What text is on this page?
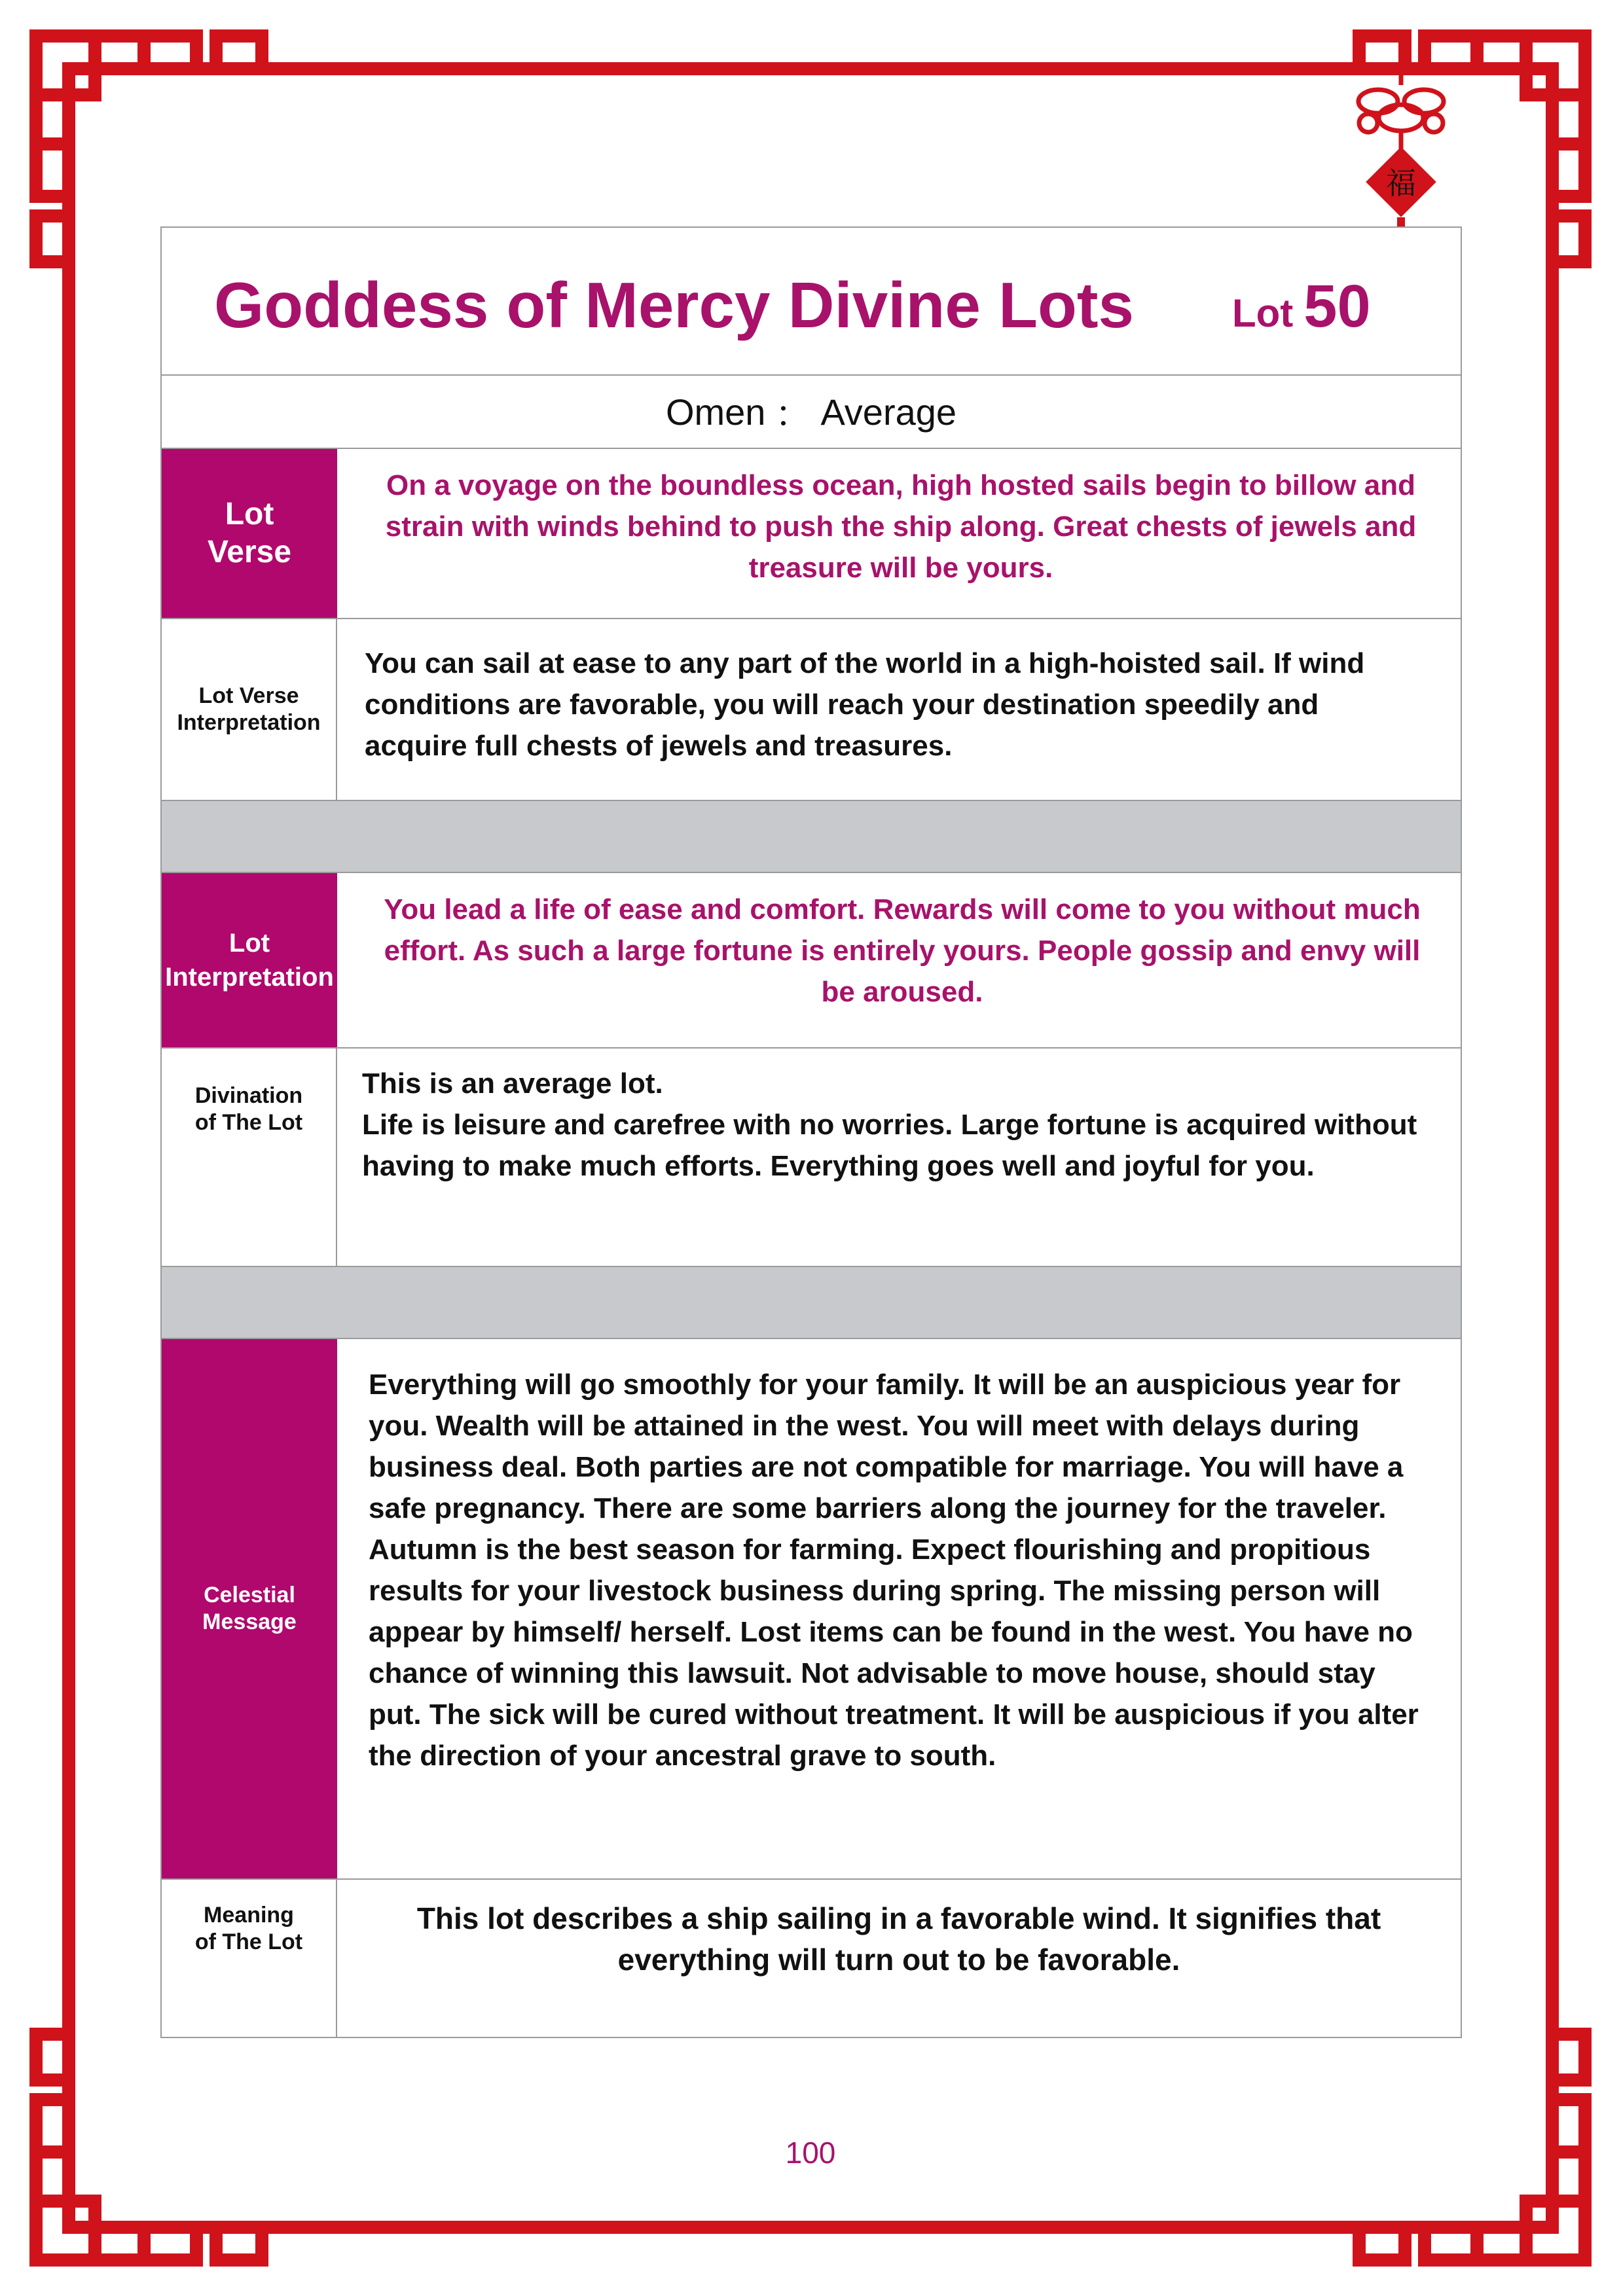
福
Goddess of Mercy Divine Lots	Lot 50
Omen ： Average
Lot Verse
On a voyage on the boundless ocean, high hosted sails begin to billow and strain with winds behind to push the ship along. Great chests of jewels and treasure will be yours.
Lot Verse Interpretation
You can sail at ease to any part of the world in a high-hoisted sail. If wind conditions are favorable, you will reach your destination speedily and acquire full chests of jewels and treasures.
Lot Interpretation
You lead a life of ease and comfort. Rewards will come to you without much effort. As such a large fortune is entirely yours. People gossip and envy will be aroused.
Divination of The Lot
This is an average lot.
Life is leisure and carefree with no worries. Large fortune is acquired without having to make much efforts. Everything goes well and joyful for you.
Celestial Message
Everything will go smoothly for your family. It will be an auspicious year for you. Wealth will be attained in the west. You will meet with delays during business deal. Both parties are not compatible for marriage. You will have a safe pregnancy. There are some barriers along the journey for the traveler. Autumn is the best season for farming. Expect flourishing and propitious results for your livestock business during spring. The missing person will appear by himself/ herself. Lost items can be found in the west. You have no chance of winning this lawsuit. Not advisable to move house, should stay put. The sick will be cured without treatment. It will be auspicious if you alter the direction of your ancestral grave to south.
Meaning of The Lot
This lot describes a ship sailing in a favorable wind. It signifies that everything will turn out to be favorable.
100
